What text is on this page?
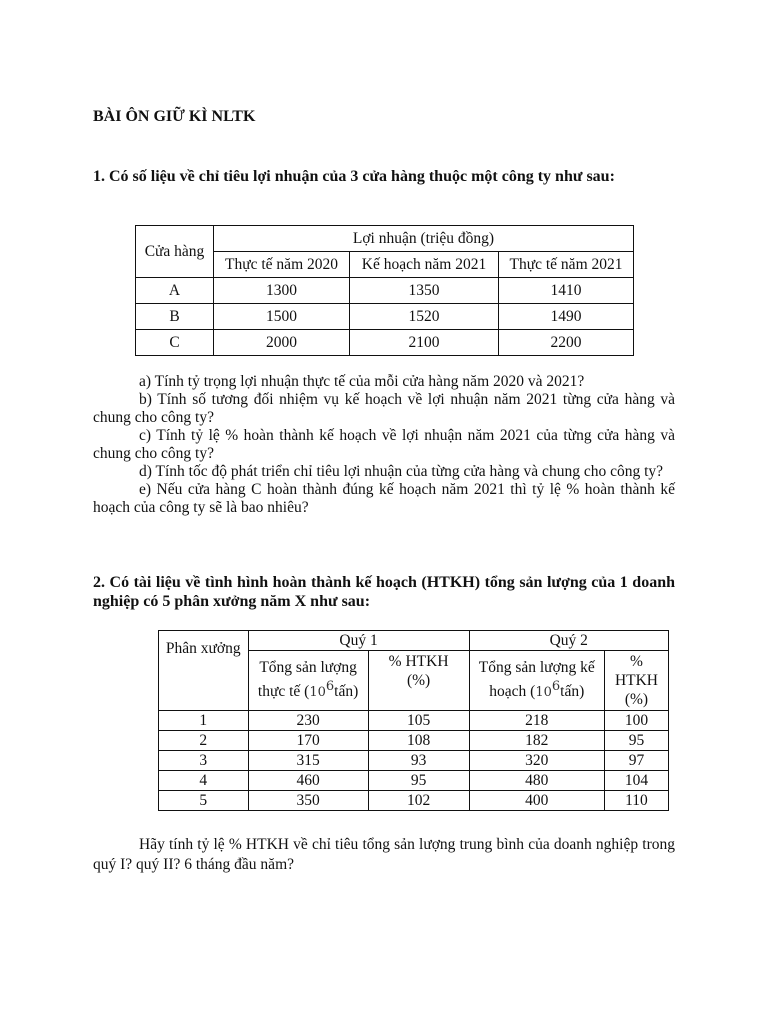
BÀI ÔN GIỮ KÌ NLTK

1. Có số liệu về chỉ tiêu lợi nhuận của 3 cửa hàng thuộc một công ty như sau:

Cửa hàng	Lợi nhuận (triệu đồng)		
	Thực tế năm 2020	Kế hoạch năm 2021	Thực tế năm 2021
A	1300	1350	1410
B	1500	1520	1490
C	2000	2100	2200

a) Tính tỷ trọng lợi nhuận thực tế của mỗi cửa hàng năm 2020 và 2021?

b) Tính số tương đối nhiệm vụ kế hoạch về lợi nhuận năm 2021 từng cửa hàng và chung cho công ty?

c) Tính tỷ lệ % hoàn thành kế hoạch về lợi nhuận năm 2021 của từng cửa hàng và chung cho công ty?

d) Tính tốc độ phát triển chỉ tiêu lợi nhuận của từng cửa hàng và chung cho công ty?

e) Nếu cửa hàng C hoàn thành đúng kế hoạch năm 2021 thì tỷ lệ % hoàn thành kế hoạch của công ty sẽ là bao nhiêu?

2. Có tài liệu về tình hình hoàn thành kế hoạch (HTKH) tổng sản lượng của 1 doanh nghiệp có 5 phân xưởng năm X như sau:

Phân xưởng	Quý 1		Quý 2	
	Tổng sản lượng thực tế $(10^6tấn)$	% HTKH (%)	Tổng sản lượng kế hoạch $(10^6tấn)$	% HTKH (%)
1	230	105	218	100
2	170	108	182	95
3	315	93	320	97
4	460	95	480	104
5	350	102	400	110

Hãy tính tỷ lệ % HTKH về chỉ tiêu tổng sản lượng trung bình của doanh nghiệp trong quý I? quý II? 6 tháng đầu năm?
